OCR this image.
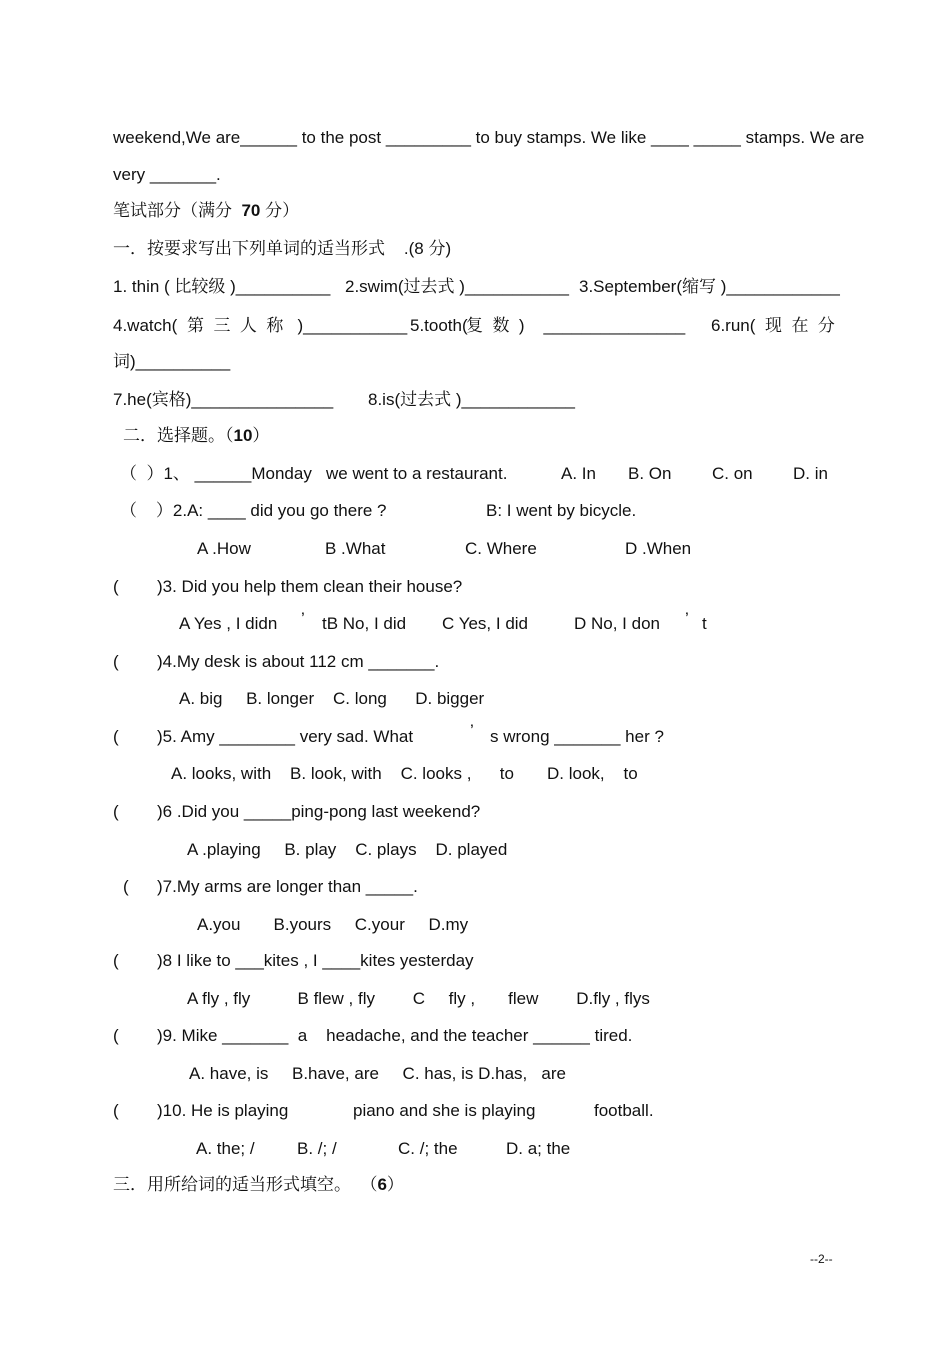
weekend,We are______ to the post _________ to buy stamps. We like ____ _____ stamps. We are
very _______.
笔试部分（满分 70 分）
一．按要求写出下列单词的适当形式    .(8 分)
1. thin ( 比较级 )__________ 2.swim(过去式 )___________ 3.September(缩写 )____________
4.watch( 第  三  人  称   )___________ 5.tooth(
复  数  )    _______________ 6.run( 现  在  分
词)__________
7.he(宾格)_______________ 8.is(过去式 )____________
二．选择题。（10）
（  ）1、 ______Monday   we went to a restaurant.	A. In B. On C. on D. in
（    ）2.A: ____ did you go there ?	B: I went by bicycle.
A .How	B .What	C. Where	D .When
( )3. Did you help them clean their house?
A Yes , I didn ’ tB No, I did C Yes, I did	D No, I don ’ t
( )4.My desk is about 112 cm _______.
A. big     B. longer    C. long      D. bigger
( )5. Amy ________ very sad. What	’ s wrong _______ her ?
A. looks, with    B. look, with    C. looks ,      to       D. look,    to
( )6 .Did you _____ping-pong last weekend?
A .playing     B. play    C. plays    D. played
( )7.My arms are longer than _____.
A.you       B.yours     C.your     D.my
( )8 I like to ___kites , I ____kites yesterday
A fly , fly          B flew , fly        C     fly ,       flew        D.fly , flys
( )9. Mike _______  a    headache, and the teacher ______ tired.
A. have, is     B.have, are     C. has, is D.has,   are
( )10. He is playing	piano and she is playing	football.
A. the; / B. /; /	C. /; the	D. a; the
三．用所给词的适当形式填空。  （6）
--2--
